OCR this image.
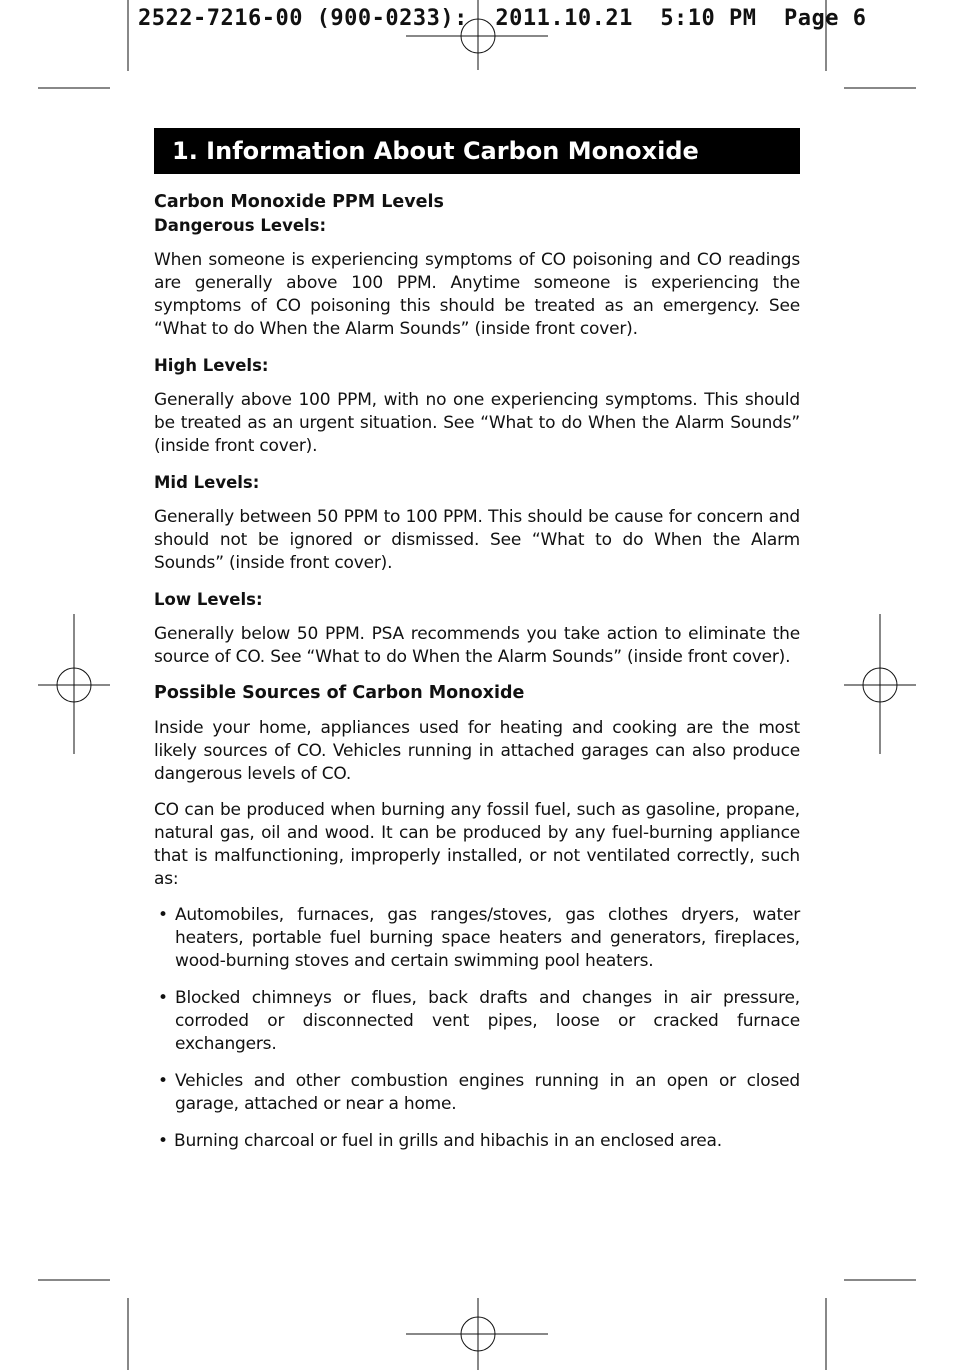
2522-7216-00 (900-0233):  2011.10.21  5:10 PM  Page 6
1. Information About Carbon Monoxide
Carbon Monoxide PPM Levels
Dangerous Levels:

When someone is experiencing symptoms of CO poisoning and CO readings are generally above 100 PPM. Anytime someone is experiencing the symptoms of CO poisoning this should be treated as an emergency. See “What to do When the Alarm Sounds” (inside front cover).

High Levels:

Generally above 100 PPM, with no one experiencing symptoms. This should be treated as an urgent situation. See “What to do When the Alarm Sounds” (inside front cover).

Mid Levels:

Generally between 50 PPM to 100 PPM. This should be cause for concern and should not be ignored or dismissed. See “What to do When the Alarm Sounds” (inside front cover).

Low Levels:

Generally below 50 PPM. PSA recommends you take action to eliminate the source of CO. See “What to do When the Alarm Sounds” (inside front cover).

Possible Sources of Carbon Monoxide

Inside your home, appliances used for heating and cooking are the most likely sources of CO. Vehicles running in attached garages can also produce dangerous levels of CO.

CO can be produced when burning any fossil fuel, such as gasoline, propane, natural gas, oil and wood. It can be produced by any fuel-burning appliance that is malfunctioning, improperly installed, or not ventilated correctly, such as:

• Automobiles, furnaces, gas ranges/stoves, gas clothes dryers, water heaters, portable fuel burning space heaters and generators, fireplaces, wood-burning stoves and certain swimming pool heaters.
• Blocked chimneys or flues, back drafts and changes in air pressure, corroded or disconnected vent pipes, loose or cracked furnace exchangers.
• Vehicles and other combustion engines running in an open or closed garage, attached or near a home.
• Burning charcoal or fuel in grills and hibachis in an enclosed area.
